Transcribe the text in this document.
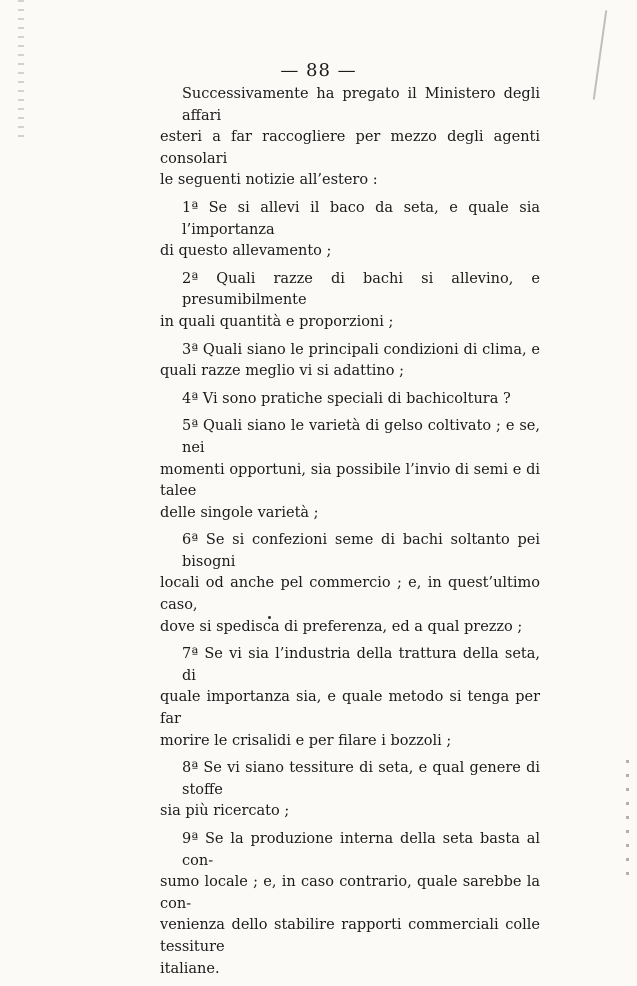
— 88 —
Successivamente ha pregato il Ministero degli affari
esteri a far raccogliere per mezzo degli agenti consolari
le seguenti notizie all’estero :
1ª Se si allevi il baco da seta, e quale sia l’importanza
di questo allevamento ;
2ª Quali razze di bachi si allevino, e presumibilmente
in quali quantità e proporzioni ;
3ª Quali siano le principali condizioni di clima, e
quali razze meglio vi si adattino ;
4ª Vi sono pratiche speciali di bachicoltura ?
5ª Quali siano le varietà di gelso coltivato ; e se, nei
momenti opportuni, sia possibile l’invio di semi e di talee
delle singole varietà ;
6ª Se si confezioni seme di bachi soltanto pei bisogni
locali od anche pel commercio ; e, in quest’ultimo caso,
dove si spedisca di preferenza, ed a qual prezzo ;
7ª Se vi sia l’industria della trattura della seta, di
quale importanza sia, e quale metodo si tenga per far
morire le crisalidi e per filare i bozzoli ;
8ª Se vi siano tessiture di seta, e qual genere di stoffe
sia più ricercato ;
9ª Se la produzione interna della seta basta al con-
sumo locale ; e, in caso contrario, quale sarebbe la con-
venienza dello stabilire rapporti commerciali colle tessiture
italiane.
